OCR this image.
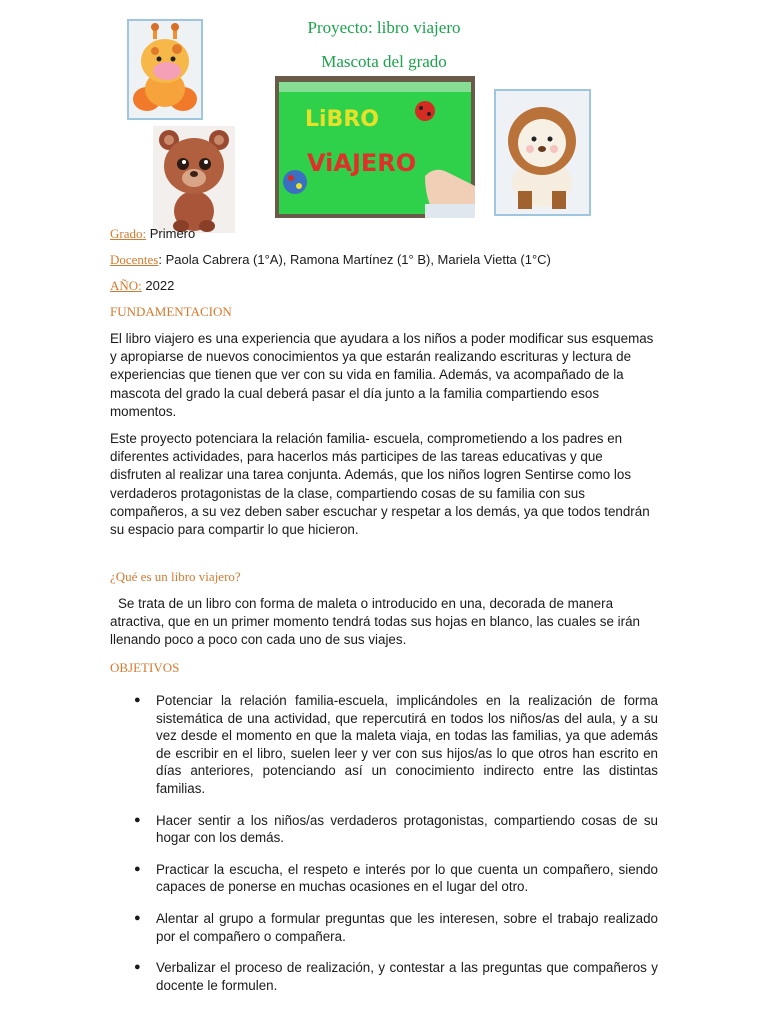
Proyecto: libro viajero
Mascota del grado
LiBRO
ViAJERO
Grado: Primero
Docentes: Paola Cabrera (1°A), Ramona Martínez (1° B), Mariela Vietta (1°C)
AÑO: 2022
FUNDAMENTACION

El libro viajero es una experiencia que ayudara a los niños a poder modificar sus esquemas y apropiarse de nuevos conocimientos ya que estarán realizando escrituras y lectura de experiencias que tienen que ver con su vida en familia. Además, va acompañado de la mascota del grado la cual deberá pasar el día junto a la familia compartiendo esos momentos.

Este proyecto potenciara la relación familia- escuela, comprometiendo a los padres en diferentes actividades, para hacerlos más participes de las tareas educativas y que disfruten al realizar una tarea conjunta. Además, que los niños logren Sentirse como los verdaderos protagonistas de la clase, compartiendo cosas de su familia con sus compañeros, a su vez deben saber escuchar y respetar a los demás, ya que todos tendrán su espacio para compartir lo que hicieron.

¿Qué es un libro viajero?

Se trata de un libro con forma de maleta o introducido en una, decorada de manera atractiva, que en un primer momento tendrá todas sus hojas en blanco, las cuales se irán llenando poco a poco con cada uno de sus viajes.

OBJETIVOS
● Potenciar la relación familia-escuela, implicándoles en la realización de forma sistemática de una actividad, que repercutirá en todos los niños/as del aula, y a su vez desde el momento en que la maleta viaja, en todas las familias, ya que además de escribir en el libro, suelen leer y ver con sus hijos/as lo que otros han escrito en días anteriores, potenciando así un conocimiento indirecto entre las distintas familias.
● Hacer sentir a los niños/as verdaderos protagonistas, compartiendo cosas de su hogar con los demás.
● Practicar la escucha, el respeto e interés por lo que cuenta un compañero, siendo capaces de ponerse en muchas ocasiones en el lugar del otro.
● Alentar al grupo a formular preguntas que les interesen, sobre el trabajo realizado por el compañero o compañera.
● Verbalizar el proceso de realización, y contestar a las preguntas que compañeros y docente le formulen.
